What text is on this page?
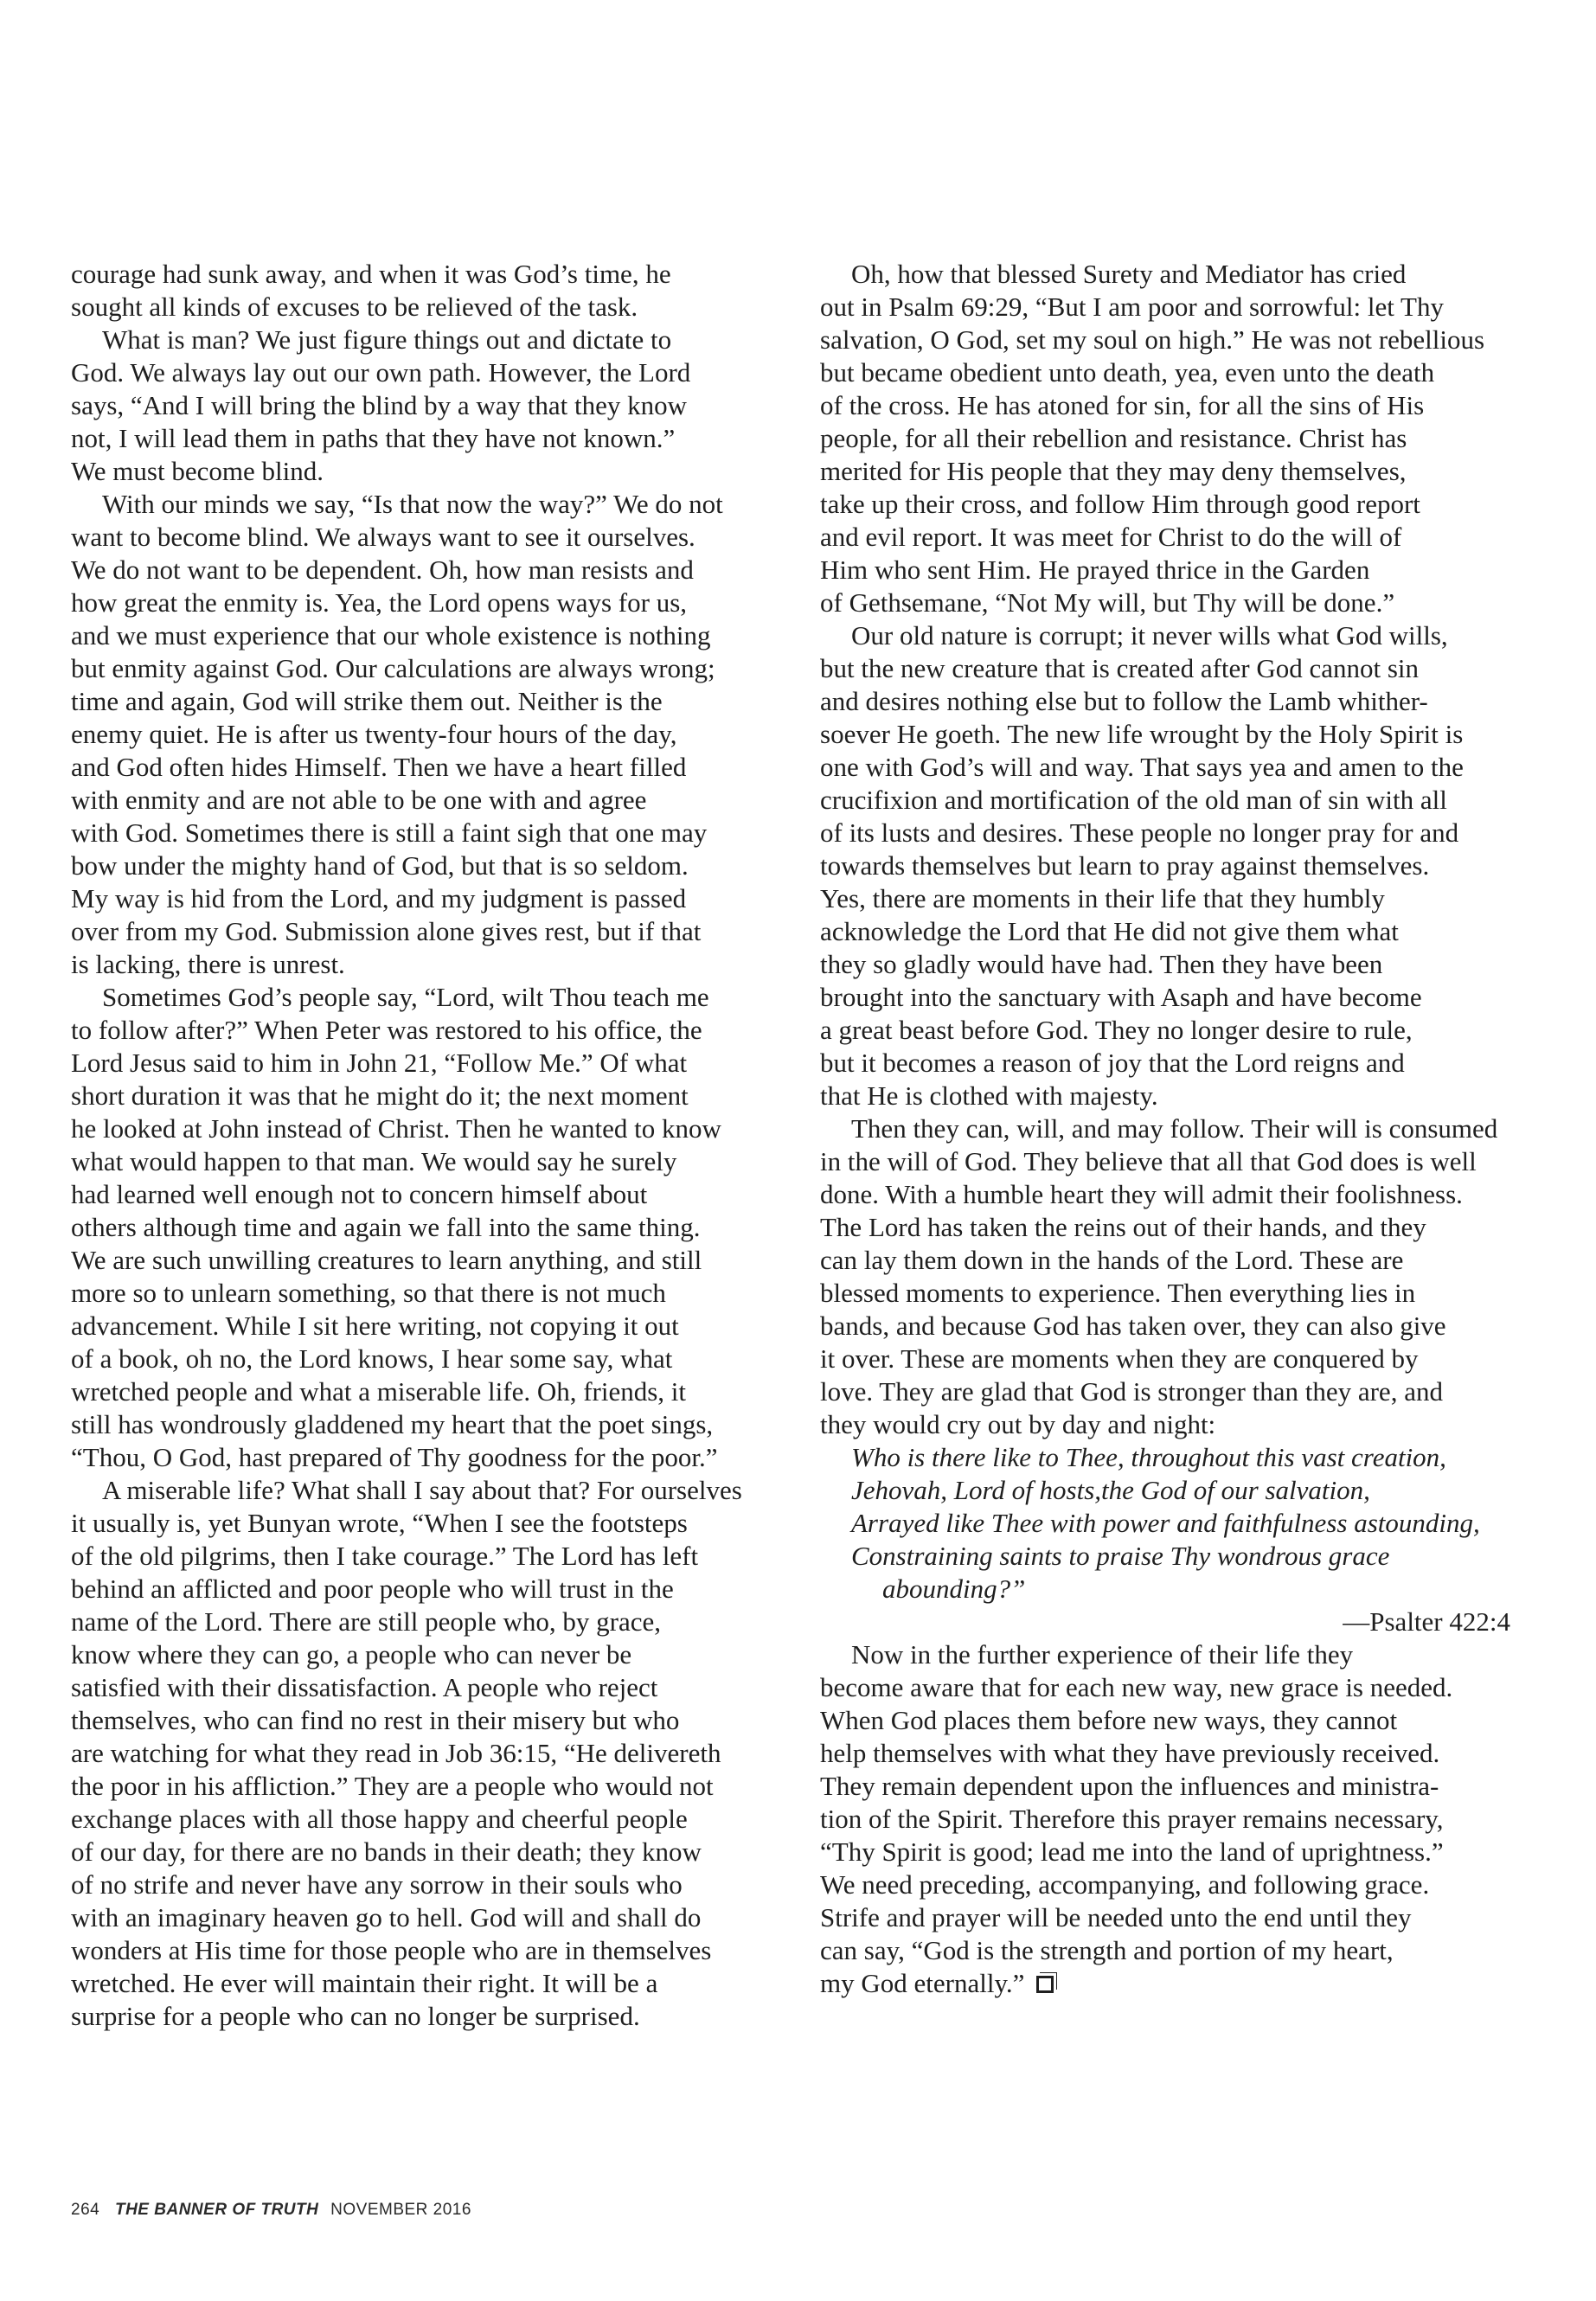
courage had sunk away, and when it was God’s time, he
sought all kinds of excuses to be relieved of the task.
What is man? We just figure things out and dictate to
God. We always lay out our own path. However, the Lord
says, “And I will bring the blind by a way that they know
not, I will lead them in paths that they have not known.”
We must become blind.
With our minds we say, “Is that now the way?” We do not
want to become blind. We always want to see it ourselves.
We do not want to be dependent. Oh, how man resists and
how great the enmity is. Yea, the Lord opens ways for us,
and we must experience that our whole existence is nothing
but enmity against God. Our calculations are always wrong;
time and again, God will strike them out. Neither is the
enemy quiet. He is after us twenty-four hours of the day,
and God often hides Himself. Then we have a heart filled
with enmity and are not able to be one with and agree
with God. Sometimes there is still a faint sigh that one may
bow under the mighty hand of God, but that is so seldom.
My way is hid from the Lord, and my judgment is passed
over from my God. Submission alone gives rest, but if that
is lacking, there is unrest.
Sometimes God’s people say, “Lord, wilt Thou teach me
to follow after?” When Peter was restored to his office, the
Lord Jesus said to him in John 21, “Follow Me.” Of what
short duration it was that he might do it; the next moment
he looked at John instead of Christ. Then he wanted to know
what would happen to that man. We would say he surely
had learned well enough not to concern himself about
others although time and again we fall into the same thing.
We are such unwilling creatures to learn anything, and still
more so to unlearn something, so that there is not much
advancement. While I sit here writing, not copying it out
of a book, oh no, the Lord knows, I hear some say, what
wretched people and what a miserable life. Oh, friends, it
still has wondrously gladdened my heart that the poet sings,
“Thou, O God, hast prepared of Thy goodness for the poor.”
A miserable life? What shall I say about that? For ourselves
it usually is, yet Bunyan wrote, “When I see the footsteps
of the old pilgrims, then I take courage.” The Lord has left
behind an afflicted and poor people who will trust in the
name of the Lord. There are still people who, by grace,
know where they can go, a people who can never be
satisfied with their dissatisfaction. A people who reject
themselves, who can find no rest in their misery but who
are watching for what they read in Job 36:15, “He delivereth
the poor in his affliction.” They are a people who would not
exchange places with all those happy and cheerful people
of our day, for there are no bands in their death; they know
of no strife and never have any sorrow in their souls who
with an imaginary heaven go to hell. God will and shall do
wonders at His time for those people who are in themselves
wretched. He ever will maintain their right. It will be a
surprise for a people who can no longer be surprised.
Oh, how that blessed Surety and Mediator has cried
out in Psalm 69:29, “But I am poor and sorrowful: let Thy
salvation, O God, set my soul on high.” He was not rebellious
but became obedient unto death, yea, even unto the death
of the cross. He has atoned for sin, for all the sins of His
people, for all their rebellion and resistance. Christ has
merited for His people that they may deny themselves,
take up their cross, and follow Him through good report
and evil report. It was meet for Christ to do the will of
Him who sent Him. He prayed thrice in the Garden
of Gethsemane, “Not My will, but Thy will be done.”
Our old nature is corrupt; it never wills what God wills,
but the new creature that is created after God cannot sin
and desires nothing else but to follow the Lamb whither-
soever He goeth. The new life wrought by the Holy Spirit is
one with God’s will and way. That says yea and amen to the
crucifixion and mortification of the old man of sin with all
of its lusts and desires. These people no longer pray for and
towards themselves but learn to pray against themselves.
Yes, there are moments in their life that they humbly
acknowledge the Lord that He did not give them what
they so gladly would have had. Then they have been
brought into the sanctuary with Asaph and have become
a great beast before God. They no longer desire to rule,
but it becomes a reason of joy that the Lord reigns and
that He is clothed with majesty.
Then they can, will, and may follow. Their will is consumed
in the will of God. They believe that all that God does is well
done. With a humble heart they will admit their foolishness.
The Lord has taken the reins out of their hands, and they
can lay them down in the hands of the Lord. These are
blessed moments to experience. Then everything lies in
bands, and because God has taken over, they can also give
it over. These are moments when they are conquered by
love. They are glad that God is stronger than they are, and
they would cry out by day and night:
Who is there like to Thee, throughout this vast creation,
Jehovah, Lord of hosts,the God of our salvation,
Arrayed like Thee with power and faithfulness astounding,
Constraining saints to praise Thy wondrous grace
abounding?”
—Psalter 422:4
Now in the further experience of their life they
become aware that for each new way, new grace is needed.
When God places them before new ways, they cannot
help themselves with what they have previously received.
They remain dependent upon the influences and ministra-
tion of the Spirit. Therefore this prayer remains necessary,
“Thy Spirit is good; lead me into the land of uprightness.”
We need preceding, accompanying, and following grace.
Strife and prayer will be needed unto the end until they
can say, “God is the strength and portion of my heart,
my God eternally.”
264 THE BANNER OF TRUTH NOVEMBER 2016
